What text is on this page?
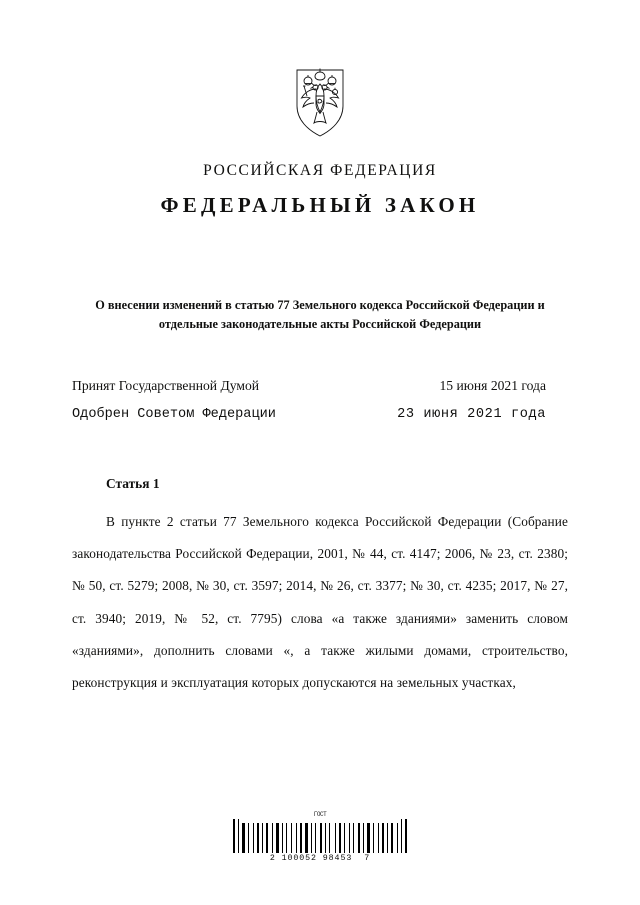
РОССИЙСКАЯ ФЕДЕРАЦИЯ
ФЕДЕРАЛЬНЫЙ ЗАКОН
О внесении изменений в статью 77 Земельного кодекса Российской Федерации и отдельные законодательные акты Российской Федерации
Принят Государственной Думой	15 июня 2021 года
Одобрен Советом Федерации	23 июня 2021 года
Статья 1
В пункте 2 статьи 77 Земельного кодекса Российской Федерации (Собрание законодательства Российской Федерации, 2001, № 44, ст. 4147; 2006, № 23, ст. 2380; № 50, ст. 5279; 2008, № 30, ст. 3597; 2014, № 26, ст. 3377; № 30, ст. 4235; 2017, № 27, ст. 3940; 2019, № 52, ст. 7795) слова «а также зданиями» заменить словом «зданиями», дополнить словами «, а также жилыми домами, строительство, реконструкция и эксплуатация которых допускаются на земельных участках,
ГОСТ
2 100052 98453 7
